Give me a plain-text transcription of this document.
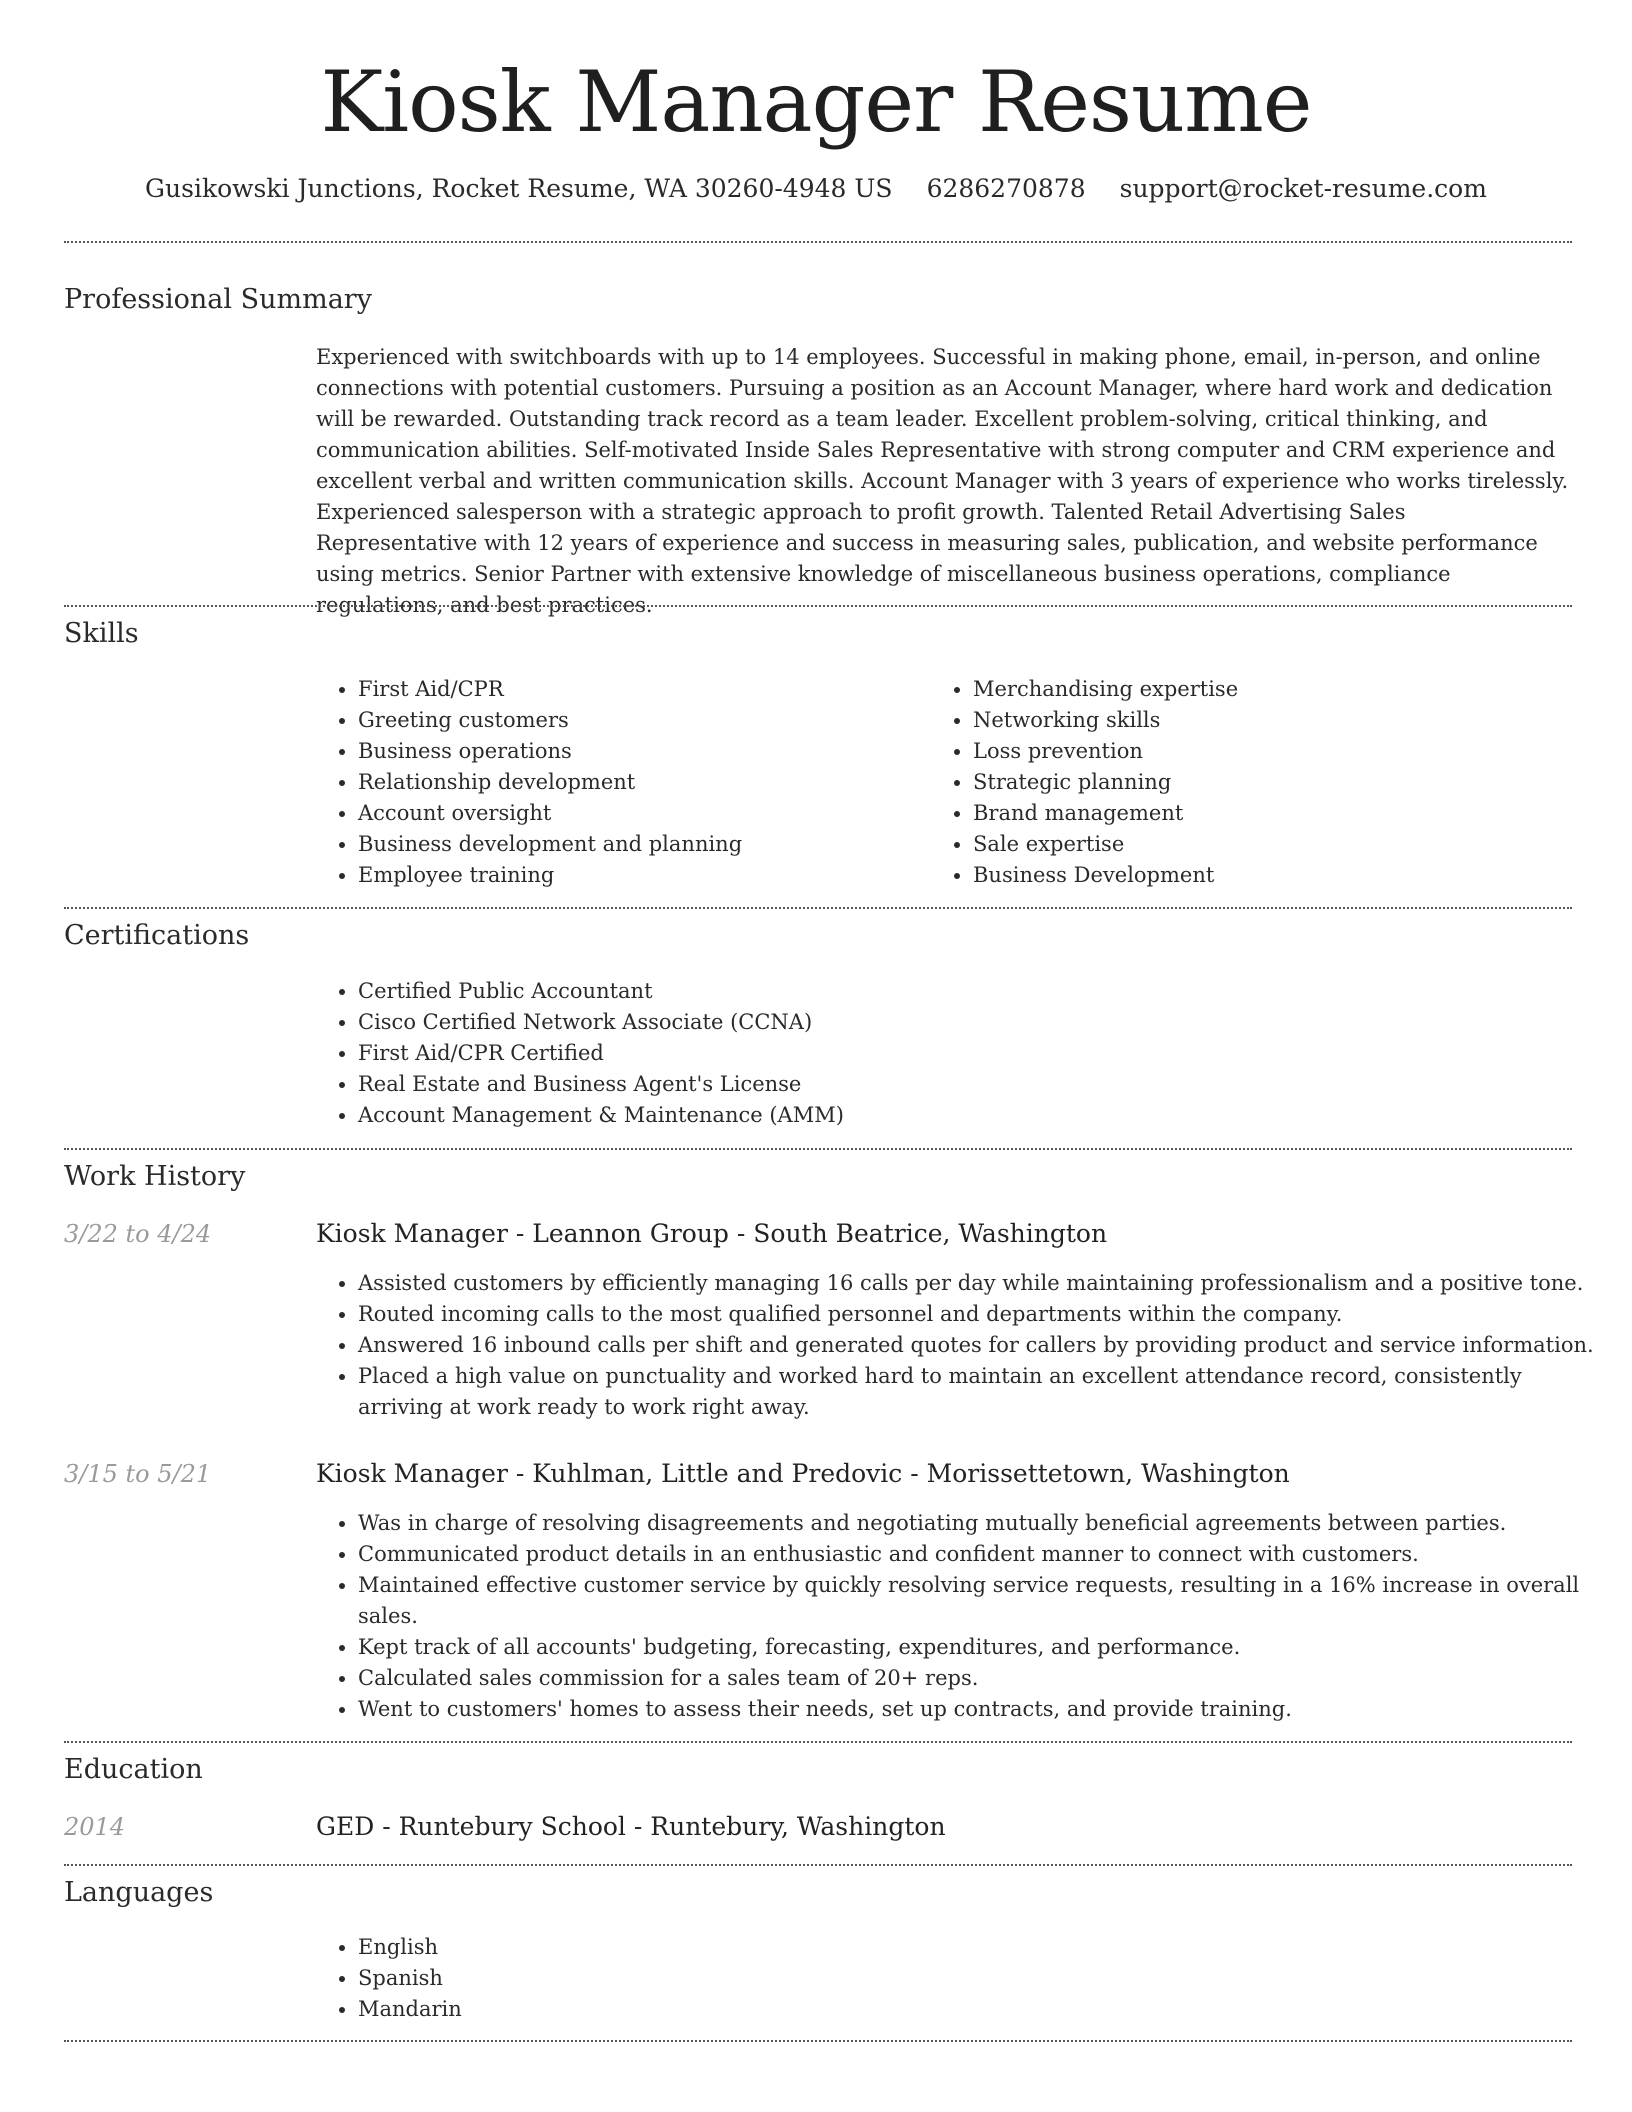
Kiosk Manager Resume
Gusikowski Junctions, Rocket Resume, WA 30260-4948 US 6286270878 support@rocket-resume.com
Professional Summary

Experienced with switchboards with up to 14 employees. Successful in making phone, email, in-person, and online connections with potential customers. Pursuing a position as an Account Manager, where hard work and dedication will be rewarded. Outstanding track record as a team leader. Excellent problem-solving, critical thinking, and communication abilities. Self-motivated Inside Sales Representative with strong computer and CRM experience and excellent verbal and written communication skills. Account Manager with 3 years of experience who works tirelessly. Experienced salesperson with a strategic approach to profit growth. Talented Retail Advertising Sales Representative with 12 years of experience and success in measuring sales, publication, and website performance using metrics. Senior Partner with extensive knowledge of miscellaneous business operations, compliance regulations, and best practices.

Skills
• First Aid/CPR
• Greeting customers
• Business operations
• Relationship development
• Account oversight
• Business development and planning
• Employee training
• Merchandising expertise
• Networking skills
• Loss prevention
• Strategic planning
• Brand management
• Sale expertise
• Business Development
Certifications
• Certified Public Accountant
• Cisco Certified Network Associate (CCNA)
• First Aid/CPR Certified
• Real Estate and Business Agent's License
• Account Management & Maintenance (AMM)
Work History
3/22 to 4/24	Kiosk Manager - Leannon Group - South Beatrice, Washington
• Assisted customers by efficiently managing 16 calls per day while maintaining professionalism and a positive tone.
• Routed incoming calls to the most qualified personnel and departments within the company.
• Answered 16 inbound calls per shift and generated quotes for callers by providing product and service information.
• Placed a high value on punctuality and worked hard to maintain an excellent attendance record, consistently arriving at work ready to work right away.
3/15 to 5/21	Kiosk Manager - Kuhlman, Little and Predovic - Morissettetown, Washington
• Was in charge of resolving disagreements and negotiating mutually beneficial agreements between parties.
• Communicated product details in an enthusiastic and confident manner to connect with customers.
• Maintained effective customer service by quickly resolving service requests, resulting in a 16% increase in overall sales.
• Kept track of all accounts' budgeting, forecasting, expenditures, and performance.
• Calculated sales commission for a sales team of 20+ reps.
• Went to customers' homes to assess their needs, set up contracts, and provide training.
Education
2014	GED - Runtebury School - Runtebury, Washington
Languages
• English
• Spanish
• Mandarin
